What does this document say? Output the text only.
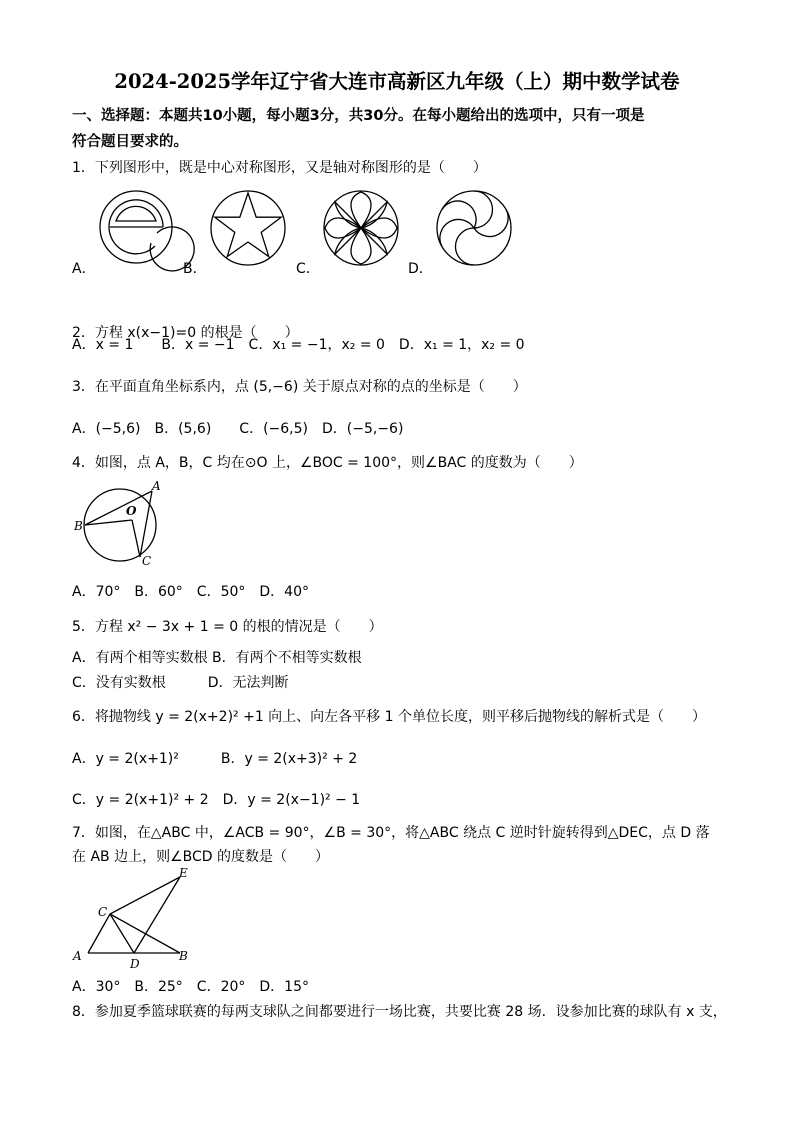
2024-2025学年辽宁省大连市高新区九年级（上）期中数学试卷
一、选择题：本题共10小题，每小题3分，共30分。在每小题给出的选项中，只有一项是
符合题目要求的。
1．下列图形中，既是中心对称图形，又是轴对称图形的是（　　）
A．	B．	C．	D．
2．方程 x(x−1)=0 的根是（　　）
A．x = 1　　B．x = −1　C．x₁ = −1，x₂ = 0　D．x₁ = 1，x₂ = 0
3．在平面直角坐标系内，点 (5,−6) 关于原点对称的点的坐标是（　　）
A．(−5,6)　B．(5,6)　　C．(−6,5)　D．(−5,−6)
4．如图，点 A，B，C 均在⊙O 上，∠BOC = 100°，则∠BAC 的度数为（　　）
A
B
C
O
A．70°　B．60°　C．50°　D．40°
5．方程 x² − 3x + 1 = 0 的根的情况是（　　）
A．有两个相等实数根 B．有两个不相等实数根
C．没有实数根　　　D．无法判断
6．将抛物线 y = 2(x+2)² +1 向上、向左各平移 1 个单位长度，则平移后抛物线的解析式是（　　）
A．y = 2(x+1)²　　　B．y = 2(x+3)² + 2
C．y = 2(x+1)² + 2　D．y = 2(x−1)² − 1
7．如图，在△ABC 中，∠ACB = 90°，∠B = 30°，将△ABC 绕点 C 逆时针旋转得到△DEC，点 D 落
在 AB 边上，则∠BCD 的度数是（　　）
A	B
C
D
E
A．30°　B．25°　C．20°　D．15°
8．参加夏季篮球联赛的每两支球队之间都要进行一场比赛，共要比赛 28 场．设参加比赛的球队有 x 支，
